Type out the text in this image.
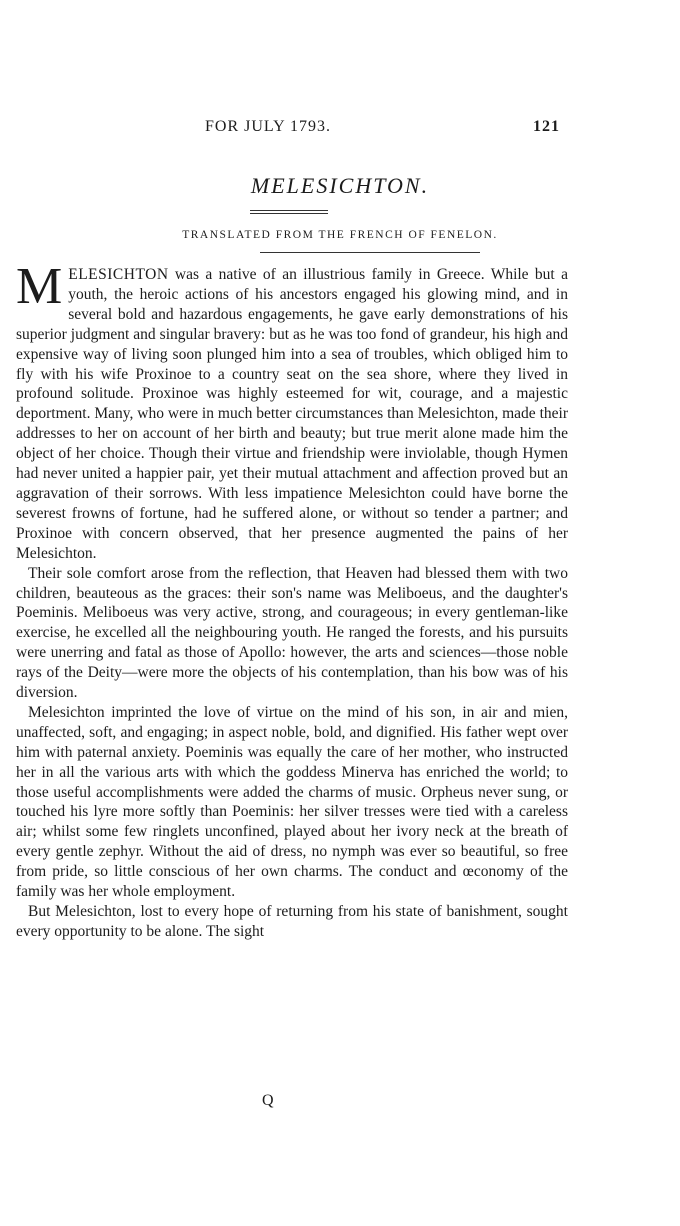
FOR JULY 1793.	121
MELESICHTON.
TRANSLATED FROM THE FRENCH OF FENELON.

MELESICHTON was a native of an illustrious family in Greece. While but a youth, the heroic actions of his ancestors engaged his glowing mind, and in several bold and hazardous engagements, he gave early demonstrations of his superior judgment and singular bravery: but as he was too fond of grandeur, his high and expensive way of living soon plunged him into a sea of troubles, which obliged him to fly with his wife Proxinoe to a country seat on the sea shore, where they lived in profound solitude. Proxinoe was highly esteemed for wit, courage, and a majestic deportment. Many, who were in much better circumstances than Melesichton, made their addresses to her on account of her birth and beauty; but true merit alone made him the object of her choice. Though their virtue and friendship were inviolable, though Hymen had never united a happier pair, yet their mutual attachment and affection proved but an aggravation of their sorrows. With less impatience Melesichton could have borne the severest frowns of fortune, had he suffered alone, or without so tender a partner; and Proxinoe with concern observed, that her presence augmented the pains of her Melesichton.

Their sole comfort arose from the reflection, that Heaven had blessed them with two children, beauteous as the graces: their son's name was Meliboeus, and the daughter's Poeminis. Meliboeus was very active, strong, and courageous; in every gentleman-like exercise, he excelled all the neighbouring youth. He ranged the forests, and his pursuits were unerring and fatal as those of Apollo: however, the arts and sciences—those noble rays of the Deity—were more the objects of his contemplation, than his bow was of his diversion.

Melesichton imprinted the love of virtue on the mind of his son, in air and mien, unaffected, soft, and engaging; in aspect noble, bold, and dignified. His father wept over him with paternal anxiety. Poeminis was equally the care of her mother, who instructed her in all the various arts with which the goddess Minerva has enriched the world; to those useful accomplishments were added the charms of music. Orpheus never sung, or touched his lyre more softly than Poeminis: her silver tresses were tied with a careless air; whilst some few ringlets unconfined, played about her ivory neck at the breath of every gentle zephyr. Without the aid of dress, no nymph was ever so beautiful, so free from pride, so little conscious of her own charms. The conduct and œconomy of the family was her whole employment.

But Melesichton, lost to every hope of returning from his state of banishment, sought every opportunity to be alone. The sight

Q
